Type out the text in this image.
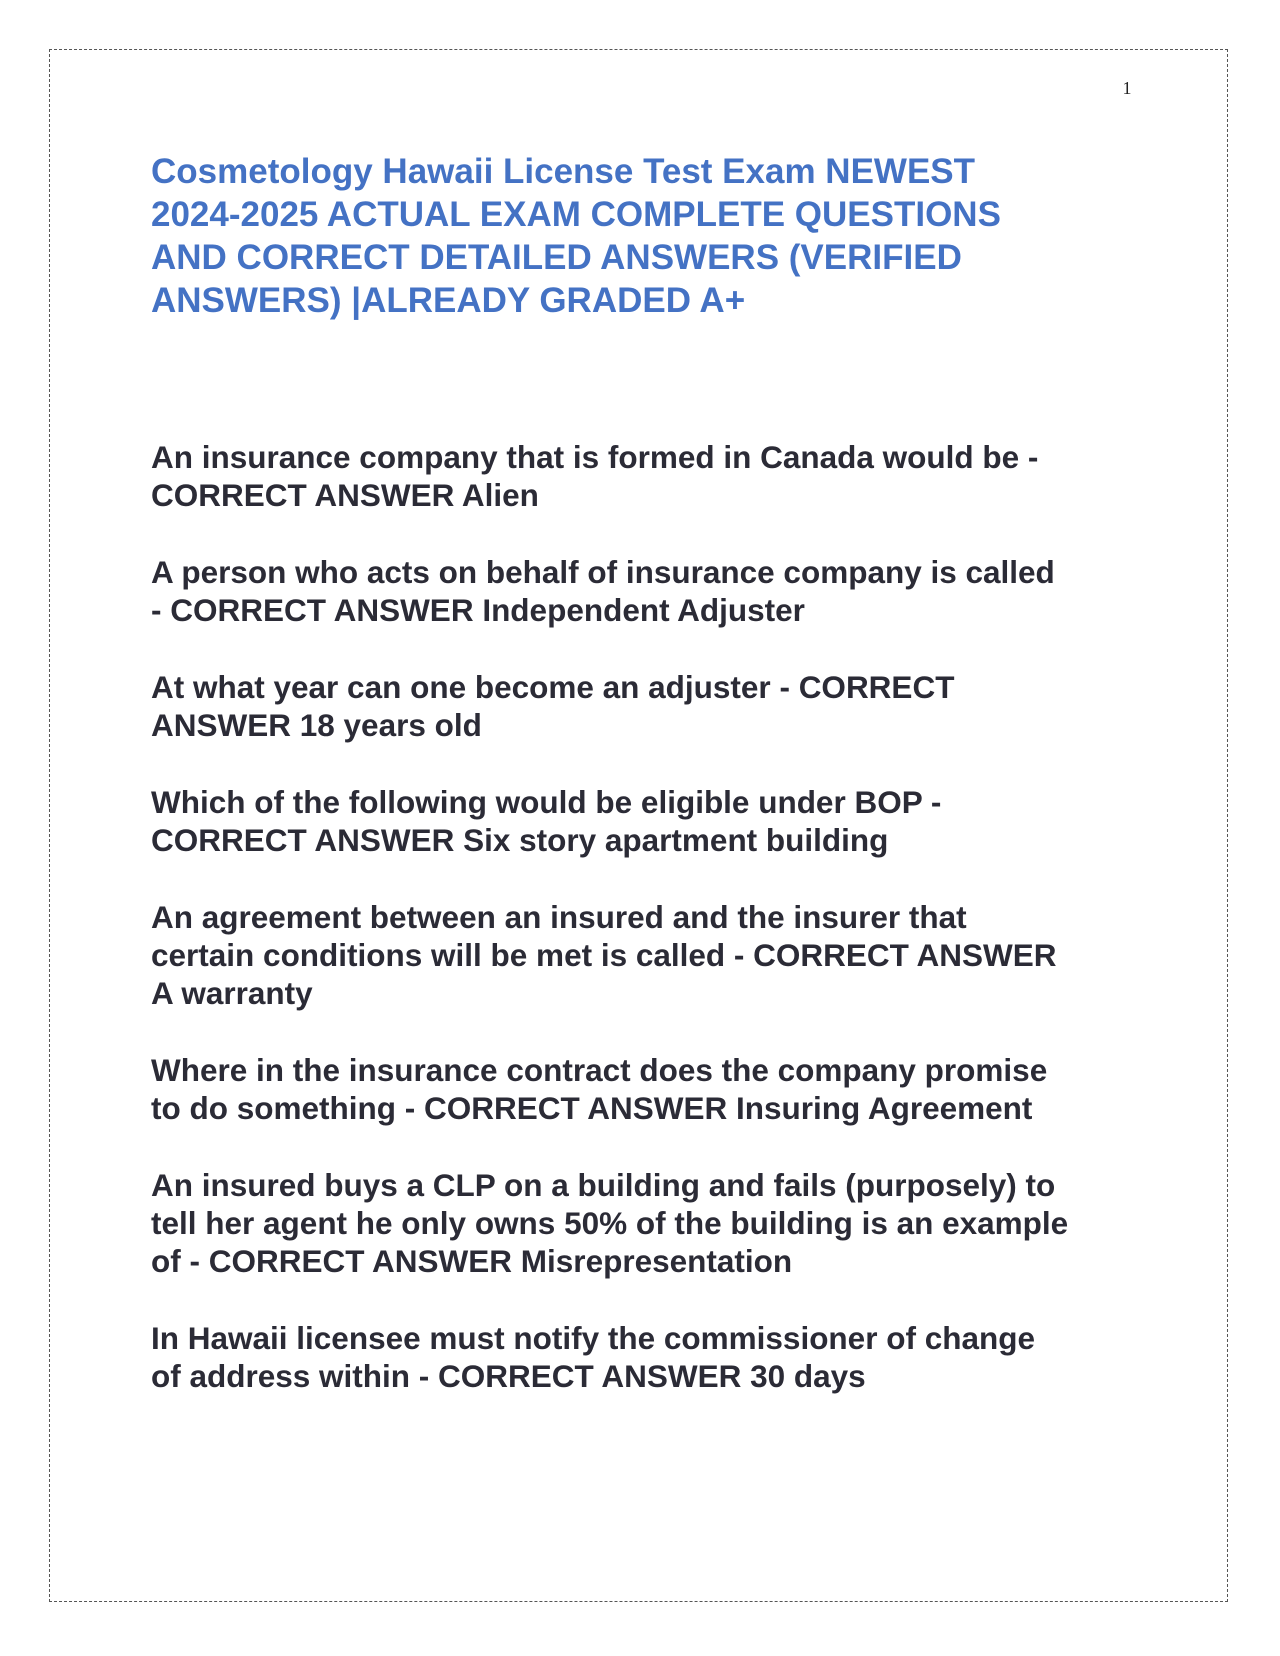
1
Cosmetology Hawaii License Test Exam NEWEST
2024-2025 ACTUAL EXAM COMPLETE QUESTIONS
AND CORRECT DETAILED ANSWERS (VERIFIED
ANSWERS) |ALREADY GRADED A+
An insurance company that is formed in Canada would be -
CORRECT ANSWER Alien
A person who acts on behalf of insurance company is called
- CORRECT ANSWER Independent Adjuster
At what year can one become an adjuster - CORRECT
ANSWER 18 years old
Which of the following would be eligible under BOP -
CORRECT ANSWER Six story apartment building
An agreement between an insured and the insurer that
certain conditions will be met is called - CORRECT ANSWER
A warranty
Where in the insurance contract does the company promise
to do something - CORRECT ANSWER Insuring Agreement
An insured buys a CLP on a building and fails (purposely) to
tell her agent he only owns 50% of the building is an example
of - CORRECT ANSWER Misrepresentation
In Hawaii licensee must notify the commissioner of change
of address within - CORRECT ANSWER 30 days
